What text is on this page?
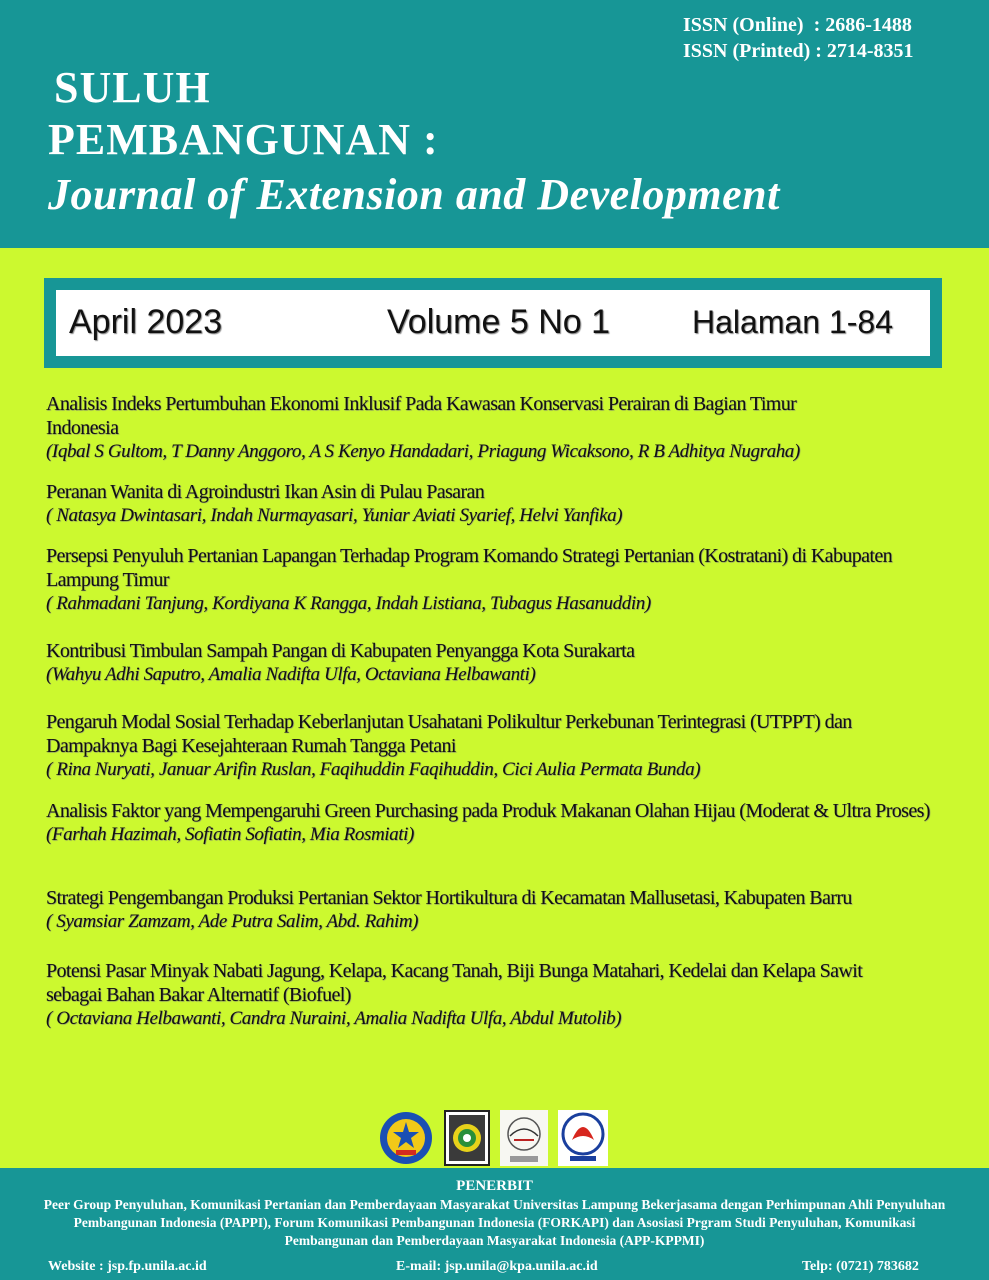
ISSN (Online)  : 2686-1488
ISSN (Printed) : 2714-8351
SULUH
PEMBANGUNAN :
Journal of Extension and Development
April 2023	Volume 5 No 1	Halaman 1-84
Analisis Indeks Pertumbuhan Ekonomi Inklusif Pada Kawasan Konservasi Perairan di Bagian Timur Indonesia
(Iqbal S Gultom, T Danny Anggoro, A S Kenyo Handadari, Priagung Wicaksono, R B Adhitya Nugraha)
Peranan Wanita di Agroindustri Ikan Asin di Pulau Pasaran
( Natasya Dwintasari, Indah Nurmayasari, Yuniar Aviati Syarief, Helvi Yanfika)
Persepsi Penyuluh Pertanian Lapangan Terhadap Program Komando Strategi Pertanian (Kostratani) di Kabupaten Lampung Timur
( Rahmadani Tanjung, Kordiyana K Rangga, Indah Listiana, Tubagus Hasanuddin)
Kontribusi Timbulan Sampah Pangan di Kabupaten Penyangga Kota Surakarta
(Wahyu Adhi Saputro, Amalia Nadifta Ulfa, Octaviana Helbawanti)
Pengaruh Modal Sosial Terhadap Keberlanjutan Usahatani Polikultur Perkebunan Terintegrasi (UTPPT) dan Dampaknya Bagi Kesejahteraan Rumah Tangga Petani
( Rina Nuryati, Januar Arifin Ruslan, Faqihuddin Faqihuddin, Cici Aulia Permata Bunda)
Analisis Faktor yang Mempengaruhi Green Purchasing pada Produk Makanan Olahan Hijau (Moderat & Ultra Proses)
(Farhah Hazimah, Sofiatin Sofiatin, Mia Rosmiati)
Strategi Pengembangan Produksi Pertanian Sektor Hortikultura di Kecamatan Mallusetasi, Kabupaten Barru
( Syamsiar Zamzam, Ade Putra Salim, Abd. Rahim)
Potensi Pasar Minyak Nabati Jagung, Kelapa, Kacang Tanah, Biji Bunga Matahari, Kedelai dan Kelapa Sawit sebagai Bahan Bakar Alternatif (Biofuel)
( Octaviana Helbawanti, Candra Nuraini, Amalia Nadifta Ulfa, Abdul Mutolib)
PENERBIT
Peer Group Penyuluhan, Komunikasi Pertanian dan Pemberdayaan Masyarakat Universitas Lampung Bekerjasama dengan Perhimpunan Ahli Penyuluhan Pembangunan Indonesia (PAPPI), Forum Komunikasi Pembangunan Indonesia (FORKAPI) dan Asosiasi Prgram Studi Penyuluhan, Komunikasi Pembangunan dan Pemberdayaan Masyarakat Indonesia (APP-KPPMI)
Website : jsp.fp.unila.ac.id	E-mail: jsp.unila@kpa.unila.ac.id	Telp: (0721) 783682
